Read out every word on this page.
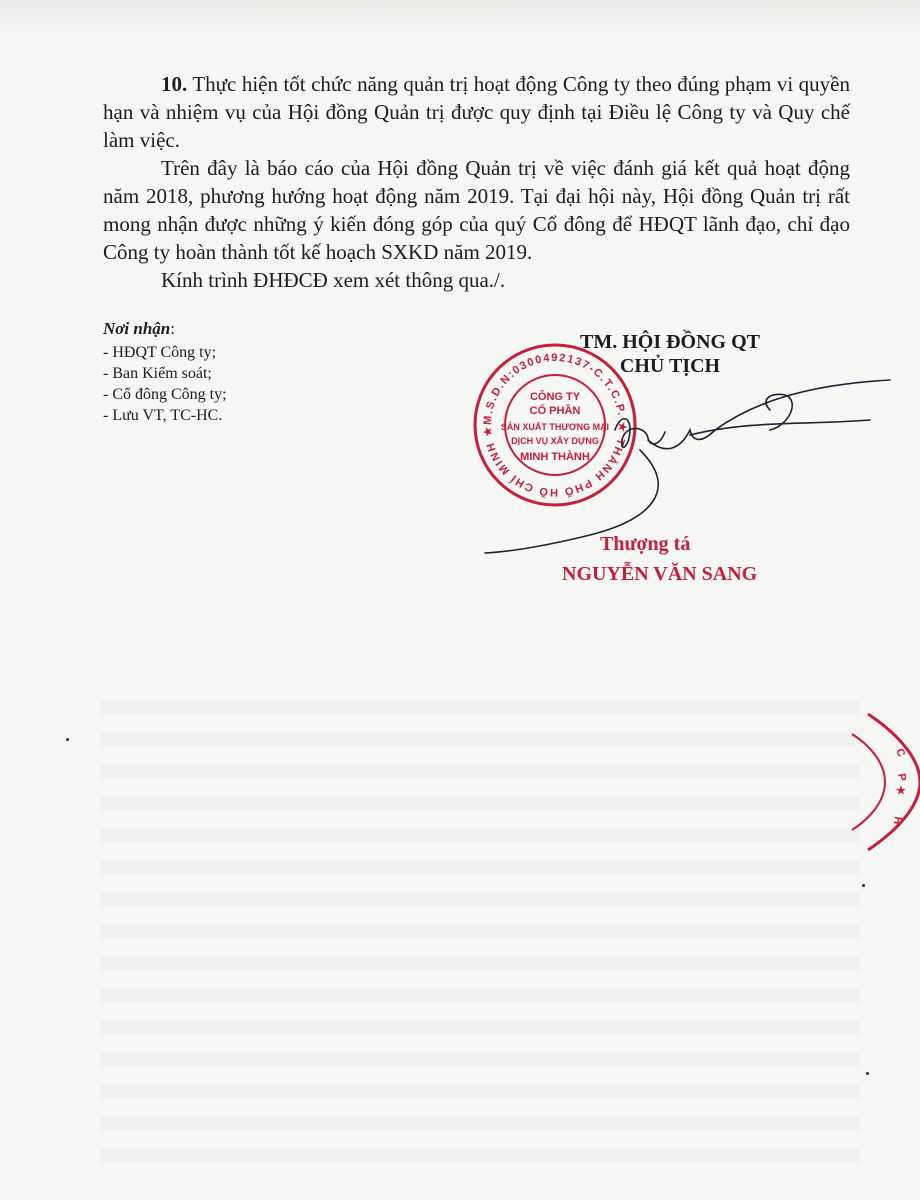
10. Thực hiện tốt chức năng quản trị hoạt động Công ty theo đúng phạm vi quyền hạn và nhiệm vụ của Hội đồng Quản trị được quy định tại Điều lệ Công ty và Quy chế làm việc.

Trên đây là báo cáo của Hội đồng Quản trị về việc đánh giá kết quả hoạt động năm 2018, phương hướng hoạt động năm 2019. Tại đại hội này, Hội đồng Quản trị rất mong nhận được những ý kiến đóng góp của quý Cổ đông để HĐQT lãnh đạo, chỉ đạo Công ty hoàn thành tốt kế hoạch SXKD năm 2019.

Kính trình ĐHĐCĐ xem xét thông qua./.

Nơi nhận:
- HĐQT Công ty;
- Ban Kiểm soát;
- Cổ đông Công ty;
- Lưu VT, TC-HC.
TM. HỘI ĐỒNG QT
CHỦ TỊCH
M.S.D.N:0300492137-C.T.C.P. ★ THÀNH PHỐ HỒ CHÍ MINH ★
CÔNG TY
CỔ PHẦN
SẢN XUẤT THƯƠNG MẠI
DỊCH VỤ XÂY DỰNG
MINH THÀNH
Thượng tá
NGUYỄN VĂN SANG
C
P
★
H
